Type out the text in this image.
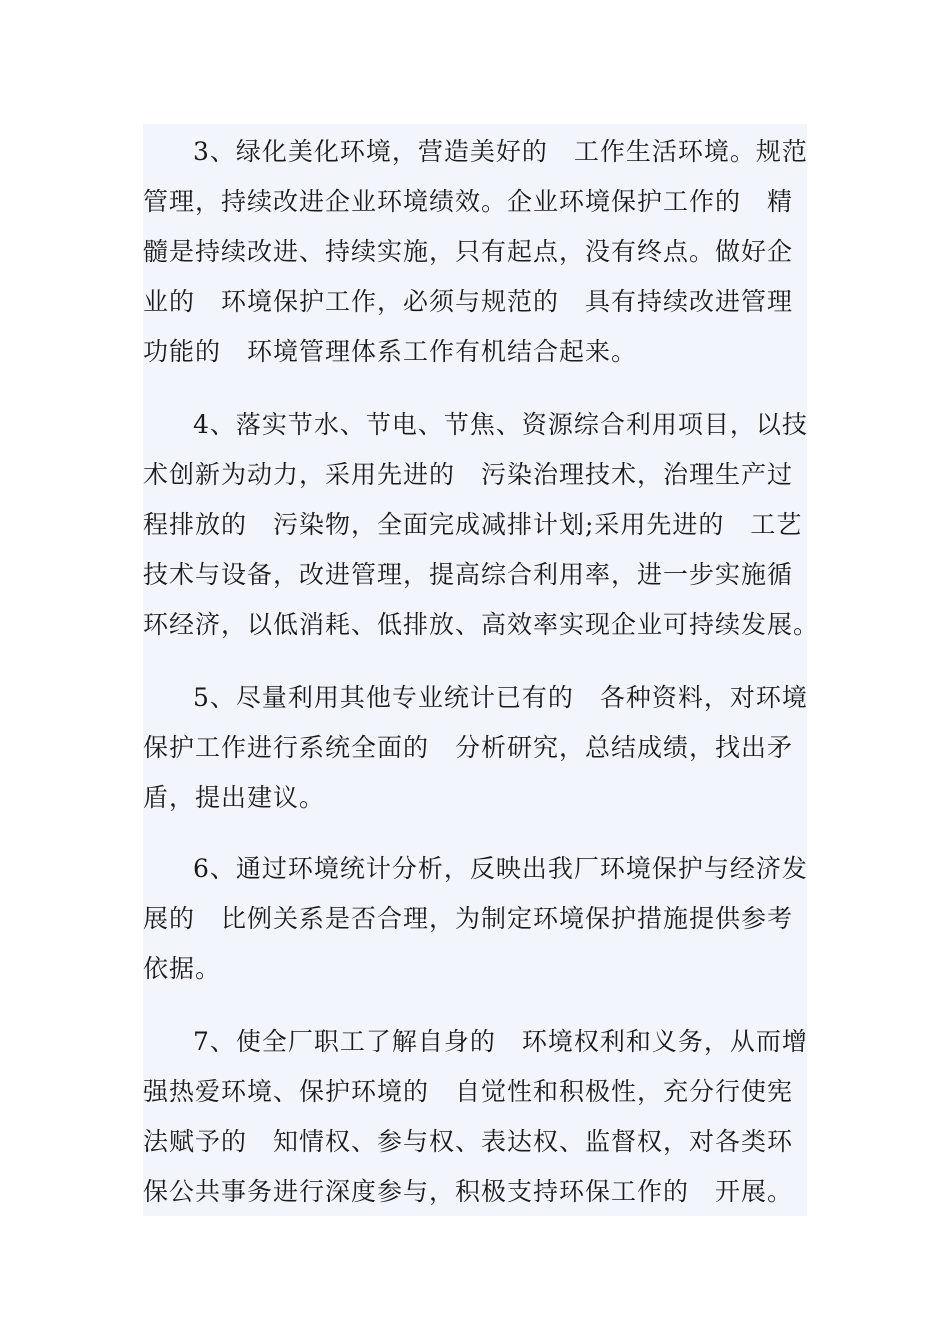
3、绿化美化环境，营造美好的　工作生活环境。规范
管理，持续改进企业环境绩效。企业环境保护工作的　精
髓是持续改进、持续实施，只有起点，没有终点。做好企
业的　环境保护工作，必须与规范的　具有持续改进管理
功能的　环境管理体系工作有机结合起来。
4、落实节水、节电、节焦、资源综合利用项目，以技
术创新为动力，采用先进的　污染治理技术，治理生产过
程排放的　污染物，全面完成减排计划;采用先进的　工艺
技术与设备，改进管理，提高综合利用率，进一步实施循
环经济，以低消耗、低排放、高效率实现企业可持续发展。
5、尽量利用其他专业统计已有的　各种资料，对环境
保护工作进行系统全面的　分析研究，总结成绩，找出矛
盾，提出建议。
6、通过环境统计分析，反映出我厂环境保护与经济发
展的　比例关系是否合理，为制定环境保护措施提供参考
依据。
7、使全厂职工了解自身的　环境权利和义务，从而增
强热爱环境、保护环境的　自觉性和积极性，充分行使宪
法赋予的　知情权、参与权、表达权、监督权，对各类环
保公共事务进行深度参与，积极支持环保工作的　开展。
